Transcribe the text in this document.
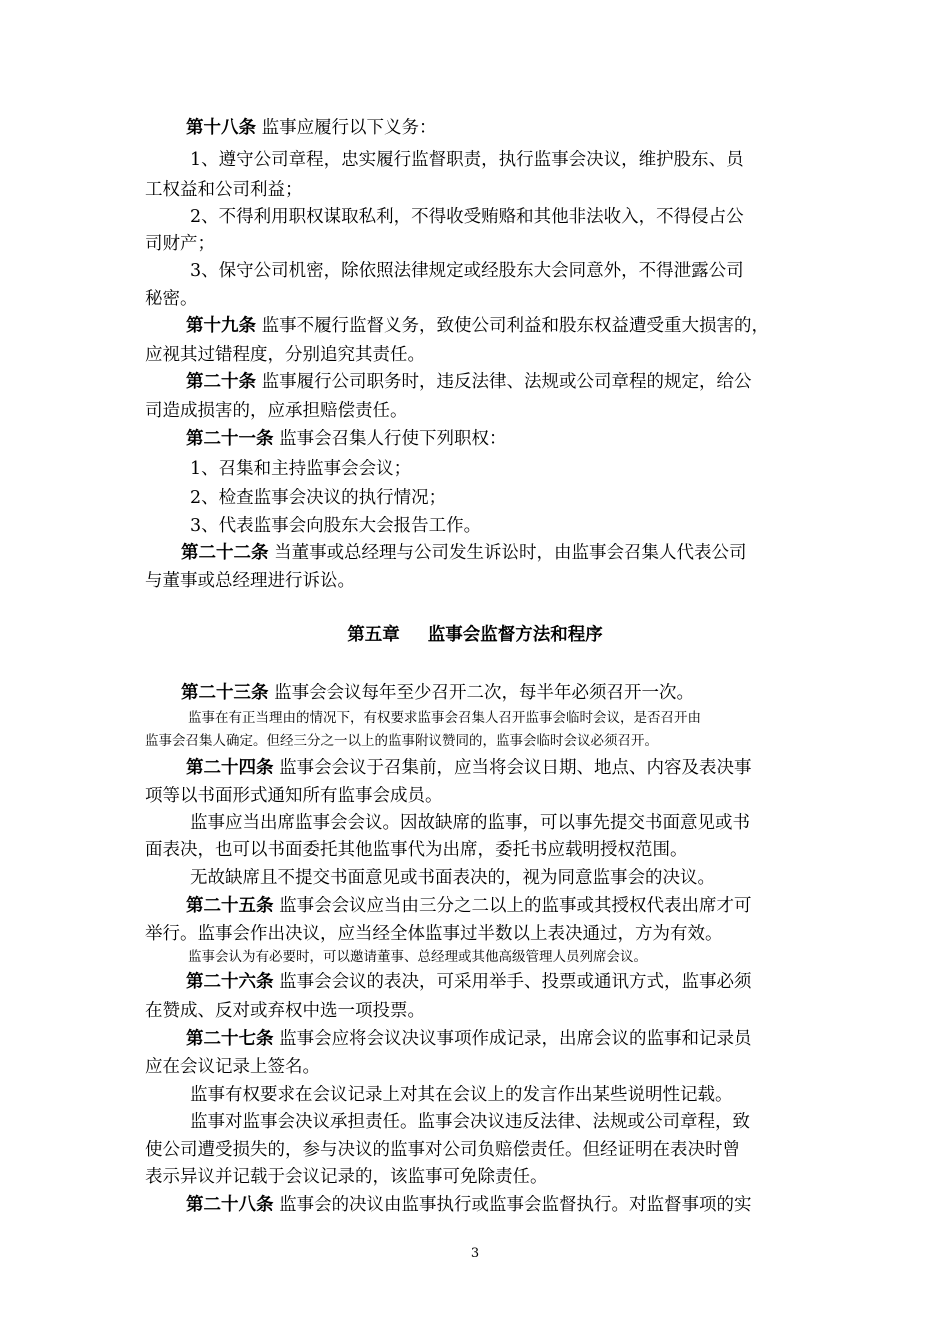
第十八条 监事应履行以下义务：
1、遵守公司章程，忠实履行监督职责，执行监事会决议，维护股东、员
工权益和公司利益；
2、不得利用职权谋取私利，不得收受贿赂和其他非法收入，不得侵占公
司财产；
3、保守公司机密，除依照法律规定或经股东大会同意外，不得泄露公司
秘密。
第十九条 监事不履行监督义务，致使公司利益和股东权益遭受重大损害的，
应视其过错程度，分别追究其责任。
第二十条 监事履行公司职务时，违反法律、法规或公司章程的规定，给公
司造成损害的，应承担赔偿责任。
第二十一条 监事会召集人行使下列职权：
1、召集和主持监事会会议；
2、检查监事会决议的执行情况；
3、代表监事会向股东大会报告工作。
第二十二条 当董事或总经理与公司发生诉讼时，由监事会召集人代表公司
与董事或总经理进行诉讼。
第五章 监事会监督方法和程序
第二十三条 监事会会议每年至少召开二次，每半年必须召开一次。
监事在有正当理由的情况下，有权要求监事会召集人召开监事会临时会议，是否召开由
监事会召集人确定。但经三分之一以上的监事附议赞同的，监事会临时会议必须召开。
第二十四条 监事会会议于召集前，应当将会议日期、地点、内容及表决事
项等以书面形式通知所有监事会成员。
监事应当出席监事会会议。因故缺席的监事，可以事先提交书面意见或书
面表决，也可以书面委托其他监事代为出席，委托书应载明授权范围。
无故缺席且不提交书面意见或书面表决的，视为同意监事会的决议。
第二十五条 监事会会议应当由三分之二以上的监事或其授权代表出席才可
举行。监事会作出决议，应当经全体监事过半数以上表决通过，方为有效。
监事会认为有必要时，可以邀请董事、总经理或其他高级管理人员列席会议。
第二十六条 监事会会议的表决，可采用举手、投票或通讯方式，监事必须
在赞成、反对或弃权中选一项投票。
第二十七条 监事会应将会议决议事项作成记录，出席会议的监事和记录员
应在会议记录上签名。
监事有权要求在会议记录上对其在会议上的发言作出某些说明性记载。
监事对监事会决议承担责任。监事会决议违反法律、法规或公司章程，致
使公司遭受损失的，参与决议的监事对公司负赔偿责任。但经证明在表决时曾
表示异议并记载于会议记录的，该监事可免除责任。
第二十八条 监事会的决议由监事执行或监事会监督执行。对监督事项的实
3
